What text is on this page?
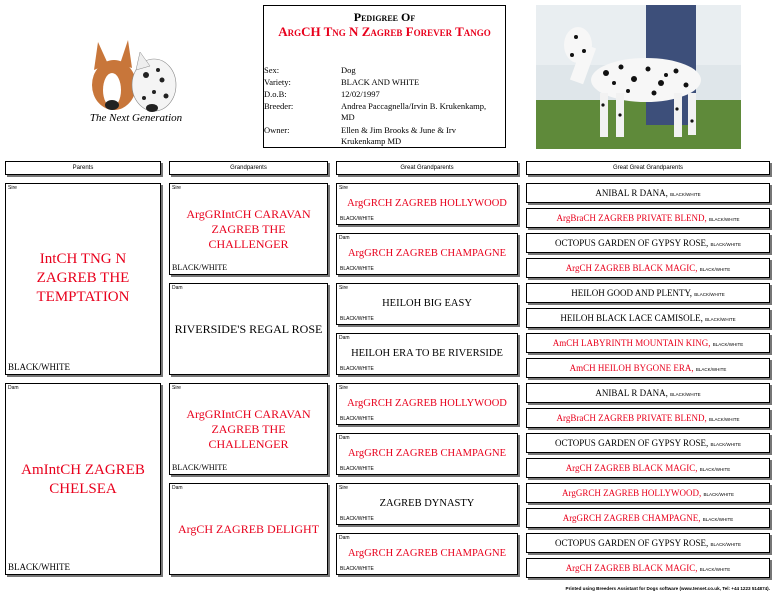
The Next Generation
Pedigree Of
ArgCH Tng N Zagreb Forever Tango
Sex:	Dog
Variety:	BLACK AND WHITE
D.o.B:	12/02/1997
Breeder:	Andrea Paccagnella/Irvin B. Krukenkamp, MD
Owner:	Ellen & Jim Brooks & June & Irv Krukenkamp MD
Parents	Grandparents	Great Grandparents	Great Great Grandparents
Sire
IntCH TNG N ZAGREB THE TEMPTATION
BLACK/WHITE
Dam
AmIntCH ZAGREB CHELSEA
BLACK/WHITE
Sire
ArgGRIntCH CARAVAN ZAGREB THE CHALLENGER
BLACK/WHITE
Dam
RIVERSIDE'S REGAL ROSE
Sire
ArgGRIntCH CARAVAN ZAGREB THE CHALLENGER
BLACK/WHITE
Dam
ArgCH ZAGREB DELIGHT
Sire
ArgGRCH ZAGREB HOLLYWOOD
BLACK/WHITE
Dam
ArgGRCH ZAGREB CHAMPAGNE
BLACK/WHITE
Sire
HEILOH BIG EASY
BLACK/WHITE
Dam
HEILOH ERA TO BE RIVERSIDE
BLACK/WHITE
Sire
ArgGRCH ZAGREB HOLLYWOOD
BLACK/WHITE
Dam
ArgGRCH ZAGREB CHAMPAGNE
BLACK/WHITE
Sire
ZAGREB DYNASTY
BLACK/WHITE
Dam
ArgGRCH ZAGREB CHAMPAGNE
BLACK/WHITE
ANIBAL R DANA, BLACK/WHITE
ArgBraCH ZAGREB PRIVATE BLEND, BLACK/WHITE
OCTOPUS GARDEN OF GYPSY ROSE, BLACK/WHITE
ArgCH ZAGREB BLACK MAGIC, BLACK/WHITE
HEILOH GOOD AND PLENTY, BLACK/WHITE
HEILOH BLACK LACE CAMISOLE, BLACK/WHITE
AmCH LABYRINTH MOUNTAIN KING, BLACK/WHITE
AmCH HEILOH BYGONE ERA, BLACK/WHITE
ANIBAL R DANA, BLACK/WHITE
ArgBraCH ZAGREB PRIVATE BLEND, BLACK/WHITE
OCTOPUS GARDEN OF GYPSY ROSE, BLACK/WHITE
ArgCH ZAGREB BLACK MAGIC, BLACK/WHITE
ArgGRCH ZAGREB HOLLYWOOD, BLACK/WHITE
ArgGRCH ZAGREB CHAMPAGNE, BLACK/WHITE
OCTOPUS GARDEN OF GYPSY ROSE, BLACK/WHITE
ArgCH ZAGREB BLACK MAGIC, BLACK/WHITE
Printed using Breeders Assistant for Dogs software (www.tenset.co.uk, Tel: +44 1223 514874).
